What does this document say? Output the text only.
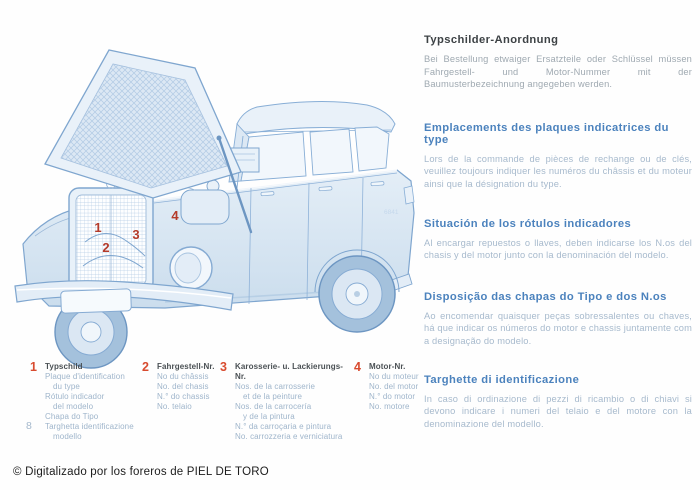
1
2
3
4	6841
Typschilder-Anordnung

Bei Bestellung etwaiger Ersatzteile oder Schlüssel müssen Fahrgestell- und Motor-Nummer mit der Baumusterbezeichnung angegeben werden.

Emplacements des plaques indicatrices du type

Lors de la commande de pièces de rechange ou de clés, veuillez toujours indiquer les numéros du châssis et du moteur ainsi que la désignation du type.

Situación de los rótulos indicadores

Al encargar repuestos o llaves, deben indicarse los N.os del chasis y del motor junto con la denominación del modelo.

Disposição das chapas do Tipo e dos N.os

Ao encomendar quaisquer peças sobressalentes ou chaves, há que indicar os números do motor e chassis juntamente com a designação do modelo.

Targhette di identificazione

In caso di ordinazione di pezzi di ricambio o di chiavi si devono indicare i numeri del telaio e del motore con la denominazione del modello.

1 Typschild
Plaque d'identification
du type
Rótulo indicador
del modelo
Chapa do Tipo
Targhetta identificazione
modello
2 Fahrgestell-Nr.
No du châssis
No. del chasis
N.° do chassis
No. telaio
3 Karosserie- u. Lackierungs-Nr.
Nos. de la carrosserie
et de la peinture
Nos. de la carrocería
y de la pintura
N.° da carroçaria e pintura
No. carrozzeria e verniciatura
4 Motor-Nr.
No du moteur
No. del motor
N.° do motor
No. motore
8
© Digitalizado por los foreros de PIEL DE TORO
